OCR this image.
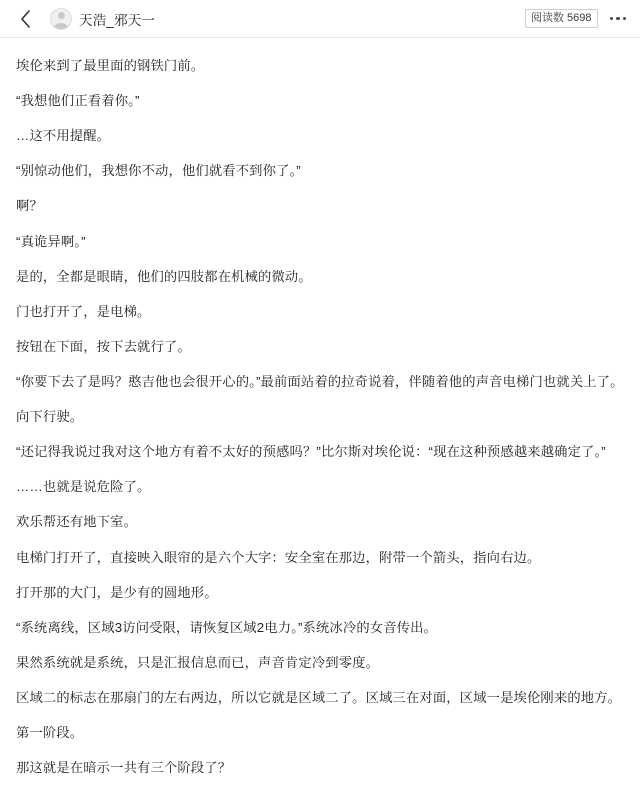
天浩_邪天一	阅读数 5698

埃伦来到了最里面的钢铁门前。

“我想他们正看着你。”

…这不用提醒。

“别惊动他们，我想你不动，他们就看不到你了。”

啊？

“真诡异啊。”

是的，全都是眼睛，他们的四肢都在机械的微动。

门也打开了，是电梯。

按钮在下面，按下去就行了。

“你要下去了是吗？憨吉他也会很开心的。”最前面站着的拉奇说着，伴随着他的声音电梯门也就关上了。

向下行驶。

“还记得我说过我对这个地方有着不太好的预感吗？”比尔斯对埃伦说：“现在这种预感越来越确定了。”

……也就是说危险了。

欢乐帮还有地下室。

电梯门打开了，直接映入眼帘的是六个大字：安全室在那边，附带一个箭头，指向右边。

打开那的大门，是少有的圆地形。

“系统离线，区域3访问受限，请恢复区域2电力。”系统冰冷的女音传出。

果然系统就是系统，只是汇报信息而已，声音肯定冷到零度。

区域二的标志在那扇门的左右两边，所以它就是区域二了。区域三在对面，区域一是埃伦刚来的地方。

第一阶段。

那这就是在暗示一共有三个阶段了？
